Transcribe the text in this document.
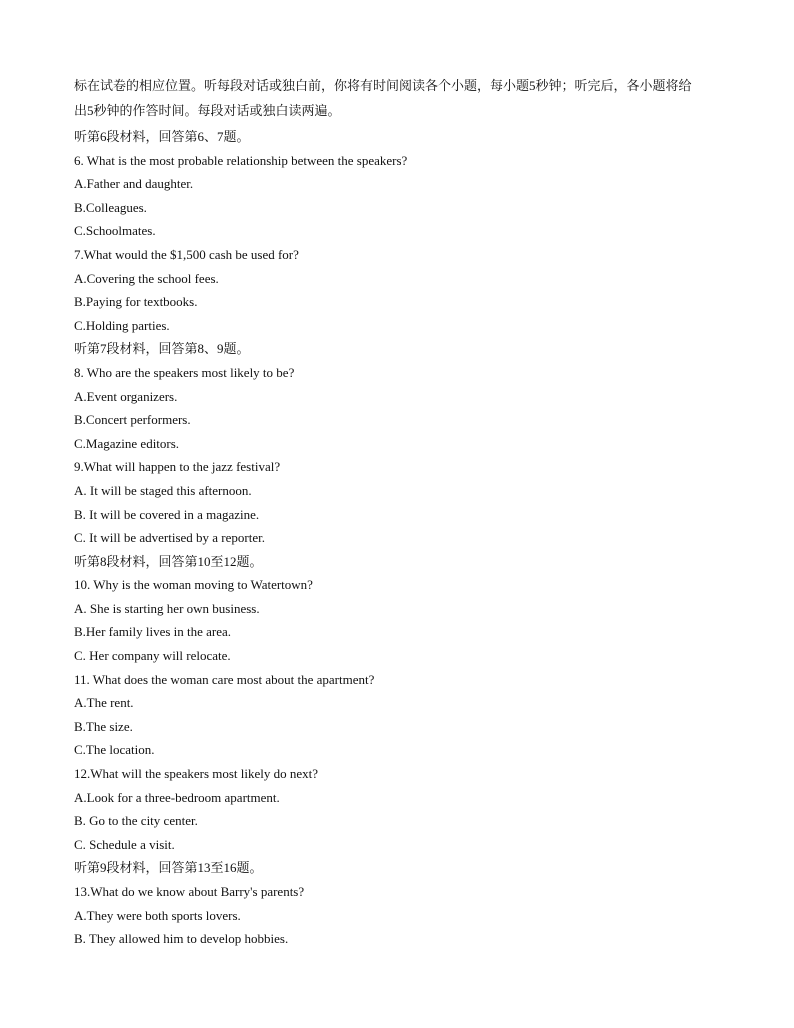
标在试卷的相应位置。听每段对话或独白前，你将有时间阅读各个小题，每小题5秒钟；听完后，各小题将给

出5秒钟的作答时间。每段对话或独白读两遍。

听第6段材料，回答第6、7题。
6. What is the most probable relationship between the speakers?
A.Father and daughter.
B.Colleagues.
C.Schoolmates.
7.What would the $1,500 cash be used for?
A.Covering the school fees.
B.Paying for textbooks.
C.Holding parties.
听第7段材料，回答第8、9题。
8. Who are the speakers most likely to be?
A.Event organizers.
B.Concert performers.
C.Magazine editors.
9.What will happen to the jazz festival?
A. It will be staged this afternoon.
B. It will be covered in a magazine.
C. It will be advertised by a reporter.
听第8段材料，回答第10至12题。
10. Why is the woman moving to Watertown?
A. She is starting her own business.
B.Her family lives in the area.
C. Her company will relocate.
11. What does the woman care most about the apartment?
A.The rent.
B.The size.
C.The location.
12.What will the speakers most likely do next?
A.Look for a three-bedroom apartment.
B. Go to the city center.
C. Schedule a visit.
听第9段材料，回答第13至16题。
13.What do we know about Barry's parents?
A.They were both sports lovers.
B. They allowed him to develop hobbies.
